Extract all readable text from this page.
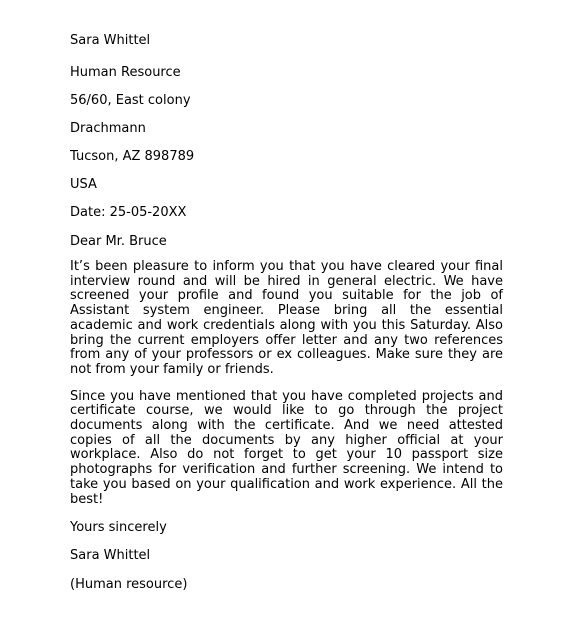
Sara Whittel

Human Resource

56/60, East colony

Drachmann

Tucson, AZ 898789

USA

Date: 25-05-20XX

Dear Mr. Bruce

It’s been pleasure to inform you that you have cleared your final interview round and will be hired in general electric. We have screened your profile and found you suitable for the job of Assistant system engineer. Please bring all the essential academic and work credentials along with you this Saturday. Also bring the current employers offer letter and any two references from any of your professors or ex colleagues. Make sure they are not from your family or friends.

Since you have mentioned that you have completed projects and certificate course, we would like to go through the project documents along with the certificate. And we need attested copies of all the documents by any higher official at your workplace. Also do not forget to get your 10 passport size photographs for verification and further screening. We intend to take you based on your qualification and work experience. All the best!

Yours sincerely

Sara Whittel

(Human resource)
